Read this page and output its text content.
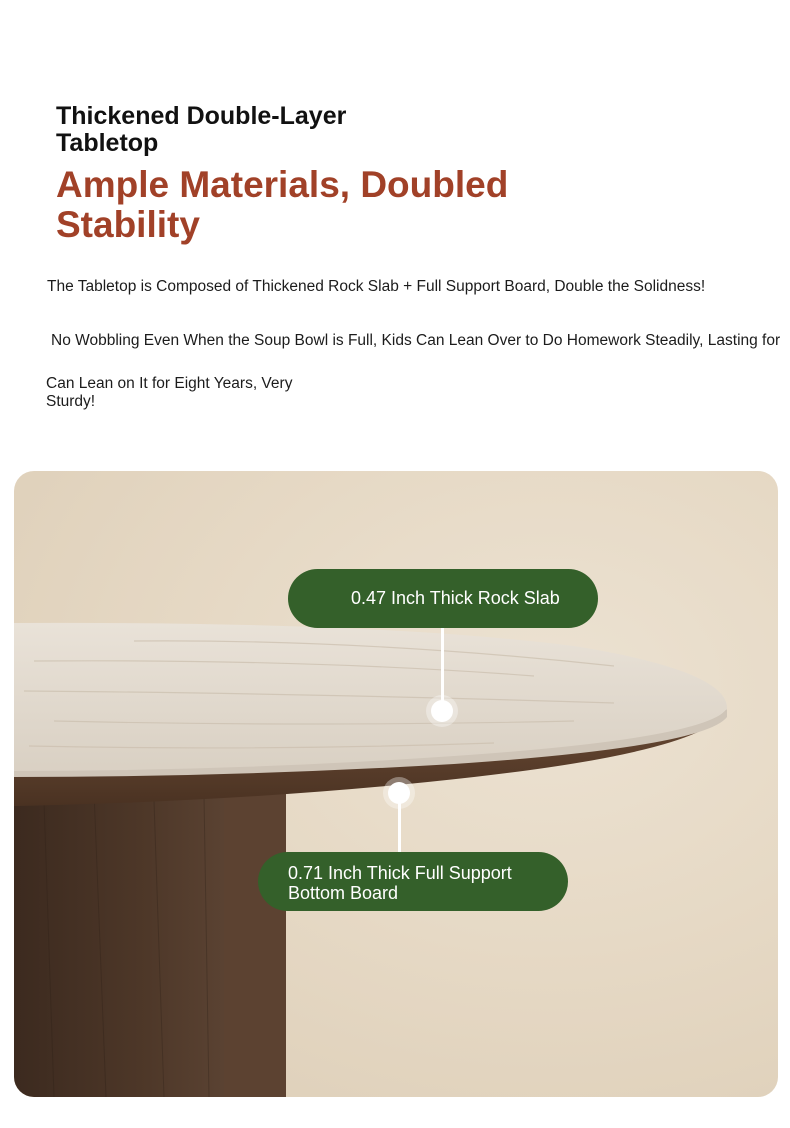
Thickened Double-Layer Tabletop
Ample Materials, Doubled Stability
The Tabletop is Composed of Thickened Rock Slab + Full Support Board, Double the Solidness!
No Wobbling Even When the Soup Bowl is Full, Kids Can Lean Over to Do Homework Steadily, Lasting for
Can Lean on It for Eight Years, Very Sturdy!
0.47 Inch Thick Rock Slab
0.71 Inch Thick Full Support Bottom Board
